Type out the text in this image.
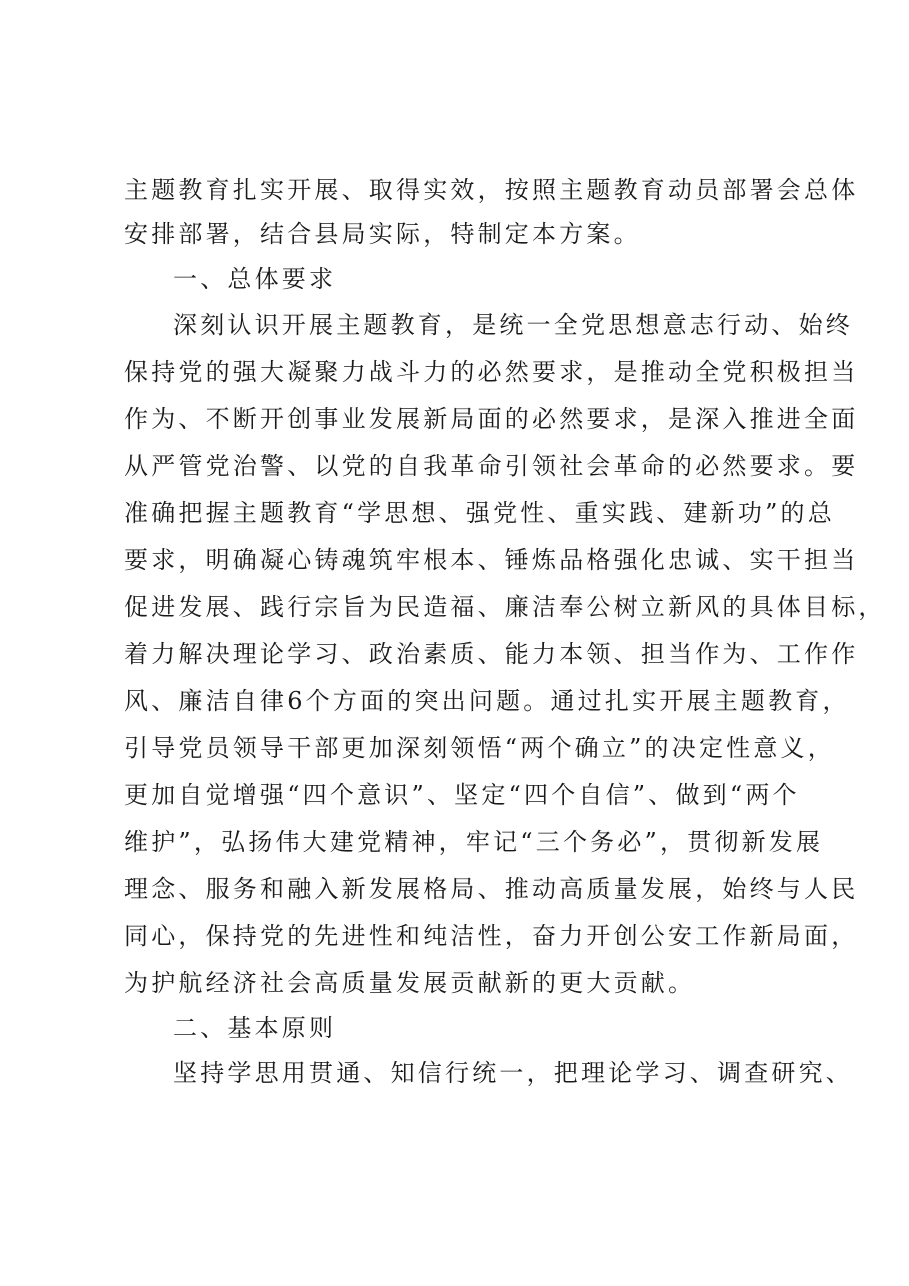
主题教育扎实开展、取得实效，按照主题教育动员部署会总体
安排部署，结合县局实际，特制定本方案。
一、总体要求
深刻认识开展主题教育，是统一全党思想意志行动、始终
保持党的强大凝聚力战斗力的必然要求，是推动全党积极担当
作为、不断开创事业发展新局面的必然要求，是深入推进全面
从严管党治警、以党的自我革命引领社会革命的必然要求。要
准确把握主题教育“学思想、强党性、重实践、建新功”的总
要求，明确凝心铸魂筑牢根本、锤炼品格强化忠诚、实干担当
促进发展、践行宗旨为民造福、廉洁奉公树立新风的具体目标，
着力解决理论学习、政治素质、能力本领、担当作为、工作作
风、廉洁自律6个方面的突出问题。通过扎实开展主题教育，
引导党员领导干部更加深刻领悟“两个确立”的决定性意义，
更加自觉增强“四个意识”、坚定“四个自信”、做到“两个
维护”，弘扬伟大建党精神，牢记“三个务必”，贯彻新发展
理念、服务和融入新发展格局、推动高质量发展，始终与人民
同心，保持党的先进性和纯洁性，奋力开创公安工作新局面，
为护航经济社会高质量发展贡献新的更大贡献。
二、基本原则
坚持学思用贯通、知信行统一，把理论学习、调查研究、
